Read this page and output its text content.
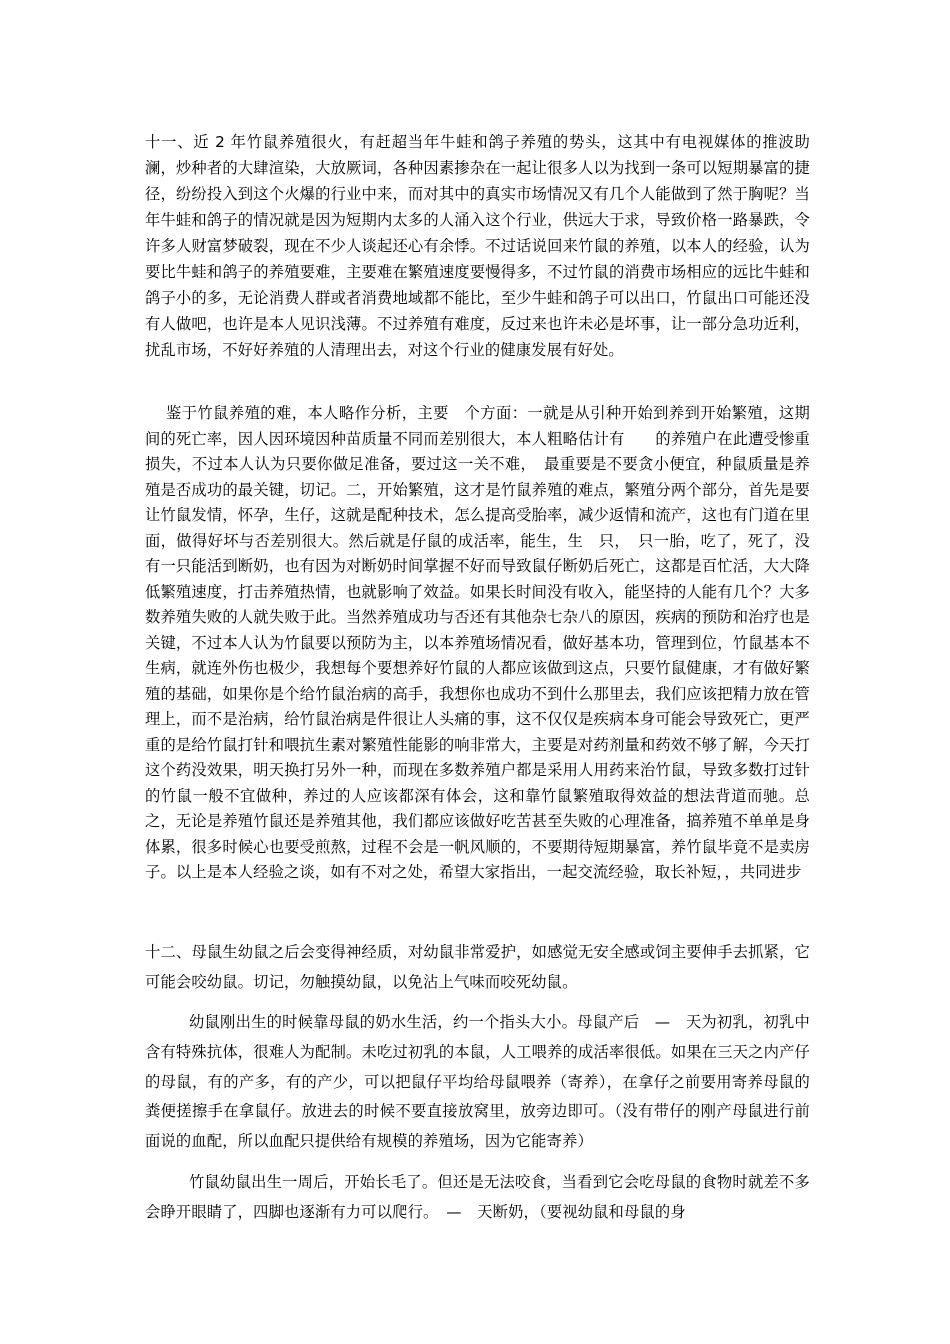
十一、近 2 年竹鼠养殖很火，有赶超当年牛蛙和鸽子养殖的势头，这其中有电视媒体的推波助澜，炒种者的大肆渲染，大放厥词，各种因素掺杂在一起让很多人以为找到一条可以短期暴富的捷径，纷纷投入到这个火爆的行业中来，而对其中的真实市场情况又有几个人能做到了然于胸呢？当年牛蛙和鸽子的情况就是因为短期内太多的人涌入这个行业，供远大于求，导致价格一路暴跌，令许多人财富梦破裂，现在不少人谈起还心有余悸。不过话说回来竹鼠的养殖，以本人的经验，认为要比牛蛙和鸽子的养殖要难，主要难在繁殖速度要慢得多，不过竹鼠的消费市场相应的远比牛蛙和鸽子小的多，无论消费人群或者消费地域都不能比，至少牛蛙和鸽子可以出口，竹鼠出口可能还没有人做吧，也许是本人见识浅薄。不过养殖有难度，反过来也许未必是坏事，让一部分急功近利，扰乱市场，不好好养殖的人清理出去，对这个行业的健康发展有好处。

鉴于竹鼠养殖的难，本人略作分析，主要　个方面：一就是从引种开始到养到开始繁殖，这期间的死亡率，因人因环境因种苗质量不同而差别很大，本人粗略估计有　　的养殖户在此遭受惨重损失，不过本人认为只要你做足准备，要过这一关不难，　最重要是不要贪小便宜，种鼠质量是养殖是否成功的最关键，切记。二，开始繁殖，这才是竹鼠养殖的难点，繁殖分两个部分，首先是要让竹鼠发情，怀孕，生仔，这就是配种技术，怎么提高受胎率，减少返情和流产，这也有门道在里面，做得好坏与否差别很大。然后就是仔鼠的成活率，能生，生　只，　只一胎，吃了，死了，没有一只能活到断奶，也有因为对断奶时间掌握不好而导致鼠仔断奶后死亡，这都是百忙活，大大降低繁殖速度，打击养殖热情，也就影响了效益。如果长时间没有收入，能坚持的人能有几个？大多数养殖失败的人就失败于此。当然养殖成功与否还有其他杂七杂八的原因，疾病的预防和治疗也是关键，不过本人认为竹鼠要以预防为主，以本养殖场情况看，做好基本功，管理到位，竹鼠基本不生病，就连外伤也极少，我想每个要想养好竹鼠的人都应该做到这点，只要竹鼠健康，才有做好繁殖的基础，如果你是个给竹鼠治病的高手，我想你也成功不到什么那里去，我们应该把精力放在管理上，而不是治病，给竹鼠治病是件很让人头痛的事，这不仅仅是疾病本身可能会导致死亡，更严重的是给竹鼠打针和喂抗生素对繁殖性能影的响非常大，主要是对药剂量和药效不够了解，今天打这个药没效果，明天换打另外一种，而现在多数养殖户都是采用人用药来治竹鼠，导致多数打过针的竹鼠一般不宜做种，养过的人应该都深有体会，这和靠竹鼠繁殖取得效益的想法背道而驰。总之，无论是养殖竹鼠还是养殖其他，我们都应该做好吃苦甚至失败的心理准备，搞养殖不单单是身体累，很多时候心也要受煎熬，过程不会是一帆风顺的，不要期待短期暴富，养竹鼠毕竟不是卖房子。以上是本人经验之谈，如有不对之处，希望大家指出，一起交流经验，取长补短，，共同进步

十二、母鼠生幼鼠之后会变得神经质，对幼鼠非常爱护，如感觉无安全感或饲主要伸手去抓紧，它可能会咬幼鼠。切记，勿触摸幼鼠，以免沾上气味而咬死幼鼠。

幼鼠刚出生的时候靠母鼠的奶水生活，约一个指头大小。母鼠产后　—　天为初乳，初乳中含有特殊抗体，很难人为配制。未吃过初乳的本鼠，人工喂养的成活率很低。如果在三天之内产仔的母鼠，有的产多，有的产少，可以把鼠仔平均给母鼠喂养（寄养），在拿仔之前要用寄养母鼠的粪便搓擦手在拿鼠仔。放进去的时候不要直接放窝里，放旁边即可。（没有带仔的刚产母鼠进行前面说的血配，所以血配只提供给有规模的养殖场，因为它能寄养）

竹鼠幼鼠出生一周后，开始长毛了。但还是无法咬食，当看到它会吃母鼠的食物时就差不多会睁开眼睛了，四脚也逐渐有力可以爬行。　—　天断奶，（要视幼鼠和母鼠的身
